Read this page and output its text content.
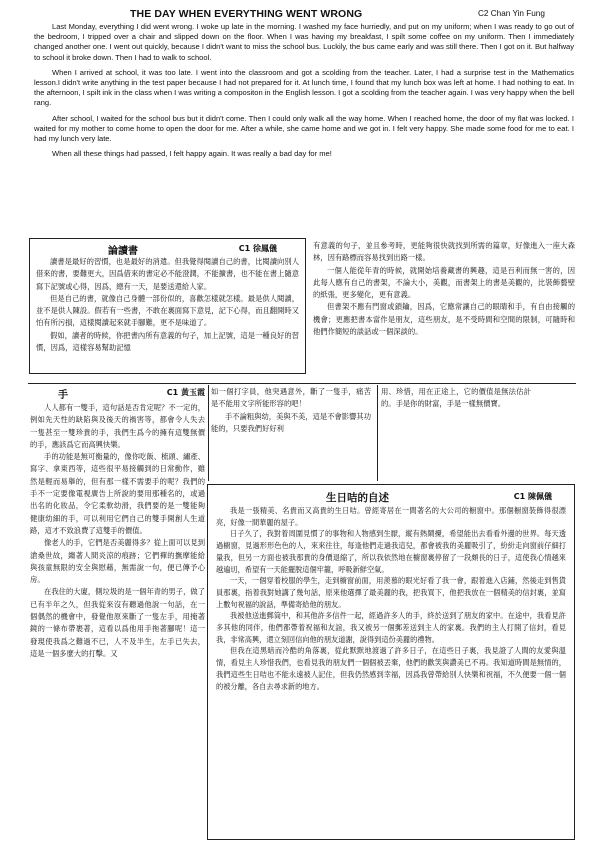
THE DAY WHEN EVERYTHING WENT WRONG	C2 Chan Yin Fung

Last Monday, everything I did went wrong. I woke up late in the morning. I washed my face hurriedly, and put on my uniform; when I was ready to go out of the bedroom, I tripped over a chair and slipped down on the floor. When I was having my breakfast, I spilt some coffee on my uniform. Then I immediately changed another one. I went out quickly, because I didn't want to miss the school bus. Luckily, the bus came early and was still there. Then I got on it. But halfway to school it broke down. Then I had to walk to school.

When I arrived at school, it was too late. I went into the classroom and got a scolding from the teacher. Later, I had a surprise test in the Mathematics lesson.I didn't write anything in the test paper because I had not prepared for it. At lunch time, I found that my lunch box was left at home. I had nothing to eat. In the afternoon, I spilt ink in the class when I was writing a compositon in the English lesson. I got a scolding from the teacher again. I was very happy when the bell rang.

After school, I waited for the school bus but it didn't come. Then I could only walk all the way home. When I reached home, the door of my flat was locked. I waited for my mother to come home to open the door for me. After a while, she came home and we got in. I felt very happy. She made some food for me to eat. I had my lunch very late.

When all these things had passed, I felt happy again. It was really a bad day for me!

論讀書	C1 徐鳳儀

讀書是最好的習慣，也是最好的消遣。但我覺得閱讀自己的書，比閱讀向別人借來的書，要難更大，因爲借來的書定必不能澄潤，不能擴書，也不能在書上隨意寫下記號或心得，因爲，總有一天，是要送還給人家。

但是自己的書，就像自己身體一部份似的，喜歡怎樣就怎樣。最是供人閱讀，並不是供人陳設。假若有一些書，不敢在裏面寫下意見，記下心得，而且翻開時又怕有所污損，這樣閱讀起來就手腳難，更不是味道了。

假如，讀者的時候，你把書內所有意義的句子，加上記號，這是一種良好的習慣，因爲，這樣容易幫助記憶

有意義的句子，並且參考時，更能夠很快就找到所需的篇章，好像進入一座大森林，因有路標而容易找到出路一樣。

一個人能從年青的時候，就開始培養藏書的興趣，這是百利而無一害的，因此每人應有自己的書架，不論大小，美觀，而書架上的書是美觀的，比裝飾藝壁的紙張，更多變化，更有意義。

但書架不應有門窗或鎖鑰，因爲，它應常讓自己的眼睛和手，有自由接觸的機會；更應把書本當作是朋友，這些朋友，是不受時間和空間的限制，可隨時和他們作簡短的談話或一個深談的。

手	C1 黃玉霞

人人都有一雙手，這句話是否肯定呢？不一定的，例如先天性的缺陷與及後天的禍害等，都會令人失去一隻甚至一雙珍貴的手，我們生爲今的擁有這雙無價的手，應該爲它而高興快樂。

手的功能是無可衡量的，像你吃飯、梳頭、繡產、寫字、拿東西等，這些很平易接觸到的日常動作，雖然是輕而易舉的，但有那一樣不需要手的呢？我們的手不一定要像電視廣告上所說的要用那種名的，或過出名的化妝品，令它柔軟幼滑，我們要的是一雙能夠健康幼細的手，可以利用它們自己的雙手開創人生道路，這才不致浪費了這雙手的價值。

像老人的手，它們是否美麗得多？從上面可以見到滄桑世故，縐著人間炎涼的痕跡；它們禪的撫摩能給與孩童無限的安全與慰藉，無需說一句，便已傳予心房。

在我住的大廈，側垃圾的是一個年青的男子，做了已有半年之久，但我從來沒有聽過他說一句話，在一個偶然的機會中，發覺他原來斷了一隻左手，用掩著鏡的一條布帶裹著，這看以爲他用手拖著腳呢！這一發現使我爲之難過不已，人不及半生，左手已失去，這是一個多麼大的打擊。又

如一個打字員，他突遇意外，斷了一隻手，痛苦是不能用文字所能形容的吧！

手不論粗與幼，美與不美，這是不會影響其功能的，只要我們好好利

用、珍惜，用在正途上，它的價值是無法估計的。手是你的財富，手是一樣無價寶。

生日咭的自述	C1 陳佩儀

我是一張精美、名貴而又高貴的生日咭。曾經寄居在一間著名的大公司的橱窗中。那個橱窗裝飾得很漂亮，好像一間華麗的屋子。

日子久了，我對着周圍見慣了的事物和人物感到生厭，縱有熱鬧擾，希望能出去看看外邊的世界。每天透過櫥窗，見過形形色色的人，來來往往，每逢他們走過我這兒，都會被我的美麗吸引了，紛紛走向窗前仔細打量我，但另一方面也被我那貴的身價退縮了，所以我依然地在櫥窗裏停留了一段頗長的日子，這使我心情越來越遍切，希望有一天能擺脫這個牢籠，呼吸新鮮空氣。

一天，一個穿着校服的學生，走到櫥窗前面，用羨慕的眼光好看了我一會，跟着進入店鋪，然後走到售貨員那裏，指着我對她講了幾句話，原來他選擇了最美麗的我，把我買下，他把我放在一個精美的信封裏，並寫上數句祝福的說話，準備寄給他的朋友。

我被他送進郵筒中，和其他許多信件一起，經過許多人的手，終於送到了朋友的家中。在途中，我看見許多其他的同伴，他們都帶着祝福和友誼，我又被另一個郵差送到主人的家裏。我們的主人打開了信封，看見我，非常高興，還立刻回信向他的朋友道謝，說得到這份美麗的禮物。

但我在這黑暗而冷酷的角落裏，從此默默地渡過了許多日子，在這些日子裏，我見證了人間的友愛與溫情，看見主人珍惜我們，也看見我的朋友們一個個被丟棄，他們的歡笑與讚美已不再。我知道時間是無情的，我們這些生日咭也不能永遠被人記住，但我仍然感到幸福，因爲我曾帶給別人快樂和祝福，不久便要一個一個的被分離，各自去尋求新的地方。
